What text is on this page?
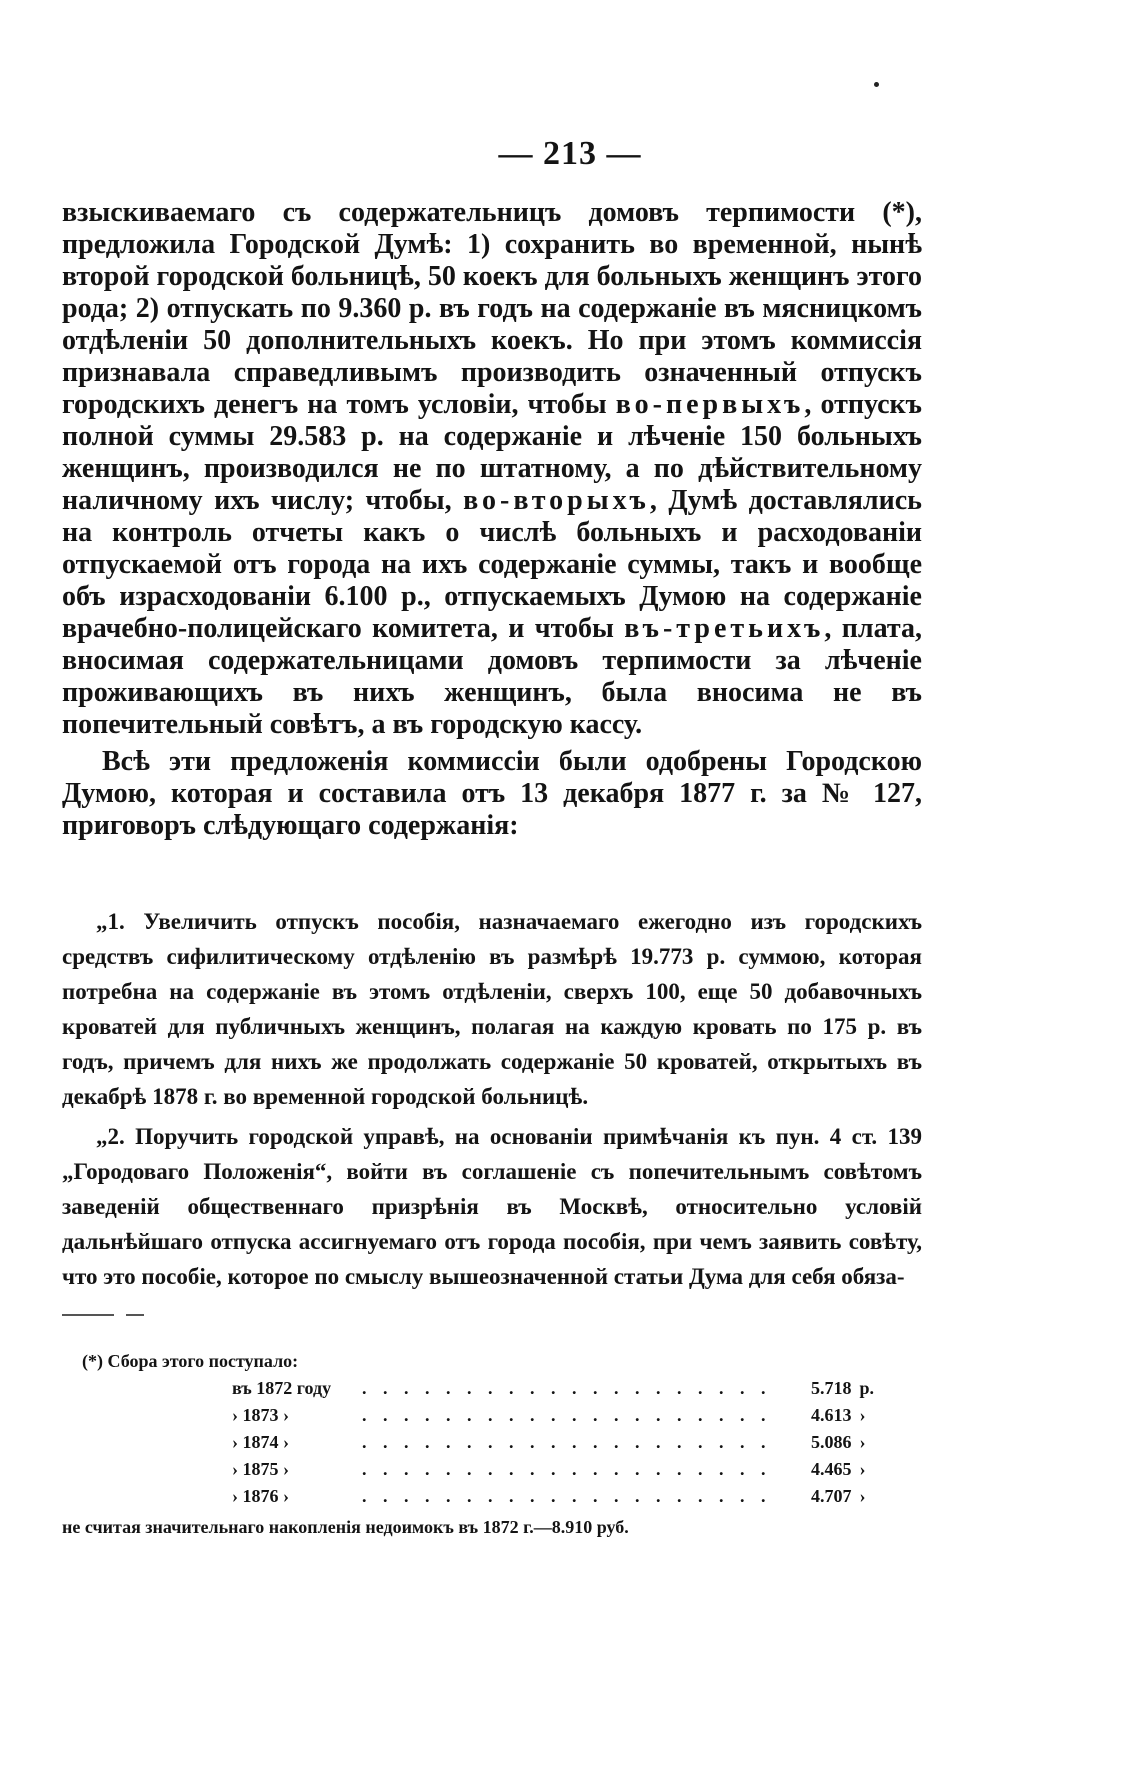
— 213 —

взыскиваемаго съ содержательницъ домовъ терпимости (*), предложила Городской Думѣ: 1) сохранить во временной, нынѣ второй городской больницѣ, 50 коекъ для больныхъ женщинъ этого рода; 2) отпускать по 9.360 р. въ годъ на содержаніе въ мясницкомъ отдѣленіи 50 дополнительныхъ коекъ. Но при этомъ коммиссія признавала справедливымъ производить означенный отпускъ городскихъ денегъ на томъ условіи, чтобы во-первыхъ, отпускъ полной суммы 29.583 р. на содержаніе и лѣченіе 150 больныхъ женщинъ, производился не по штатному, а по дѣйствительному наличному ихъ числу; чтобы, во-вторыхъ, Думѣ доставлялись на контроль отчеты какъ о числѣ больныхъ и расходованіи отпускаемой отъ города на ихъ содержаніе суммы, такъ и вообще объ израсходованіи 6.100 р., отпускаемыхъ Думою на содержаніе врачебно-полицейскаго комитета, и чтобы въ-третьихъ, плата, вносимая содержательницами домовъ терпимости за лѣченіе проживающихъ въ нихъ женщинъ, была вносима не въ попечительный совѣтъ, а въ городскую кассу.

Всѣ эти предложенія коммиссіи были одобрены Городскою Думою, которая и составила отъ 13 декабря 1877 г. за № 127, приговоръ слѣдующаго содержанія:

„1. Увеличить отпускъ пособія, назначаемаго ежегодно изъ городскихъ средствъ сифилитическому отдѣленію въ размѣрѣ 19.773 р. суммою, которая потребна на содержаніе въ этомъ отдѣленіи, сверхъ 100, еще 50 добавочныхъ кроватей для публичныхъ женщинъ, полагая на каждую кровать по 175 р. въ годъ, причемъ для нихъ же продолжать содержаніе 50 кроватей, открытыхъ въ декабрѣ 1878 г. во временной городской больницѣ.

„2. Поручить городской управѣ, на основаніи примѣчанія къ пун. 4 ст. 139 „Городоваго Положенія“, войти въ соглашеніе съ попечительнымъ совѣтомъ заведеній общественнаго призрѣнія въ Москвѣ, относительно условій дальнѣйшаго отпуска ассигнуемаго отъ города пособія, при чемъ заявить совѣту, что это пособіе, которое по смыслу вышеозначенной статьи Дума для себя обяза-

(*) Сбора этого поступало:
въ 1872 году	. . . . . . . . . . . . . . . . . . . .	5.718	р.
› 1873 ›	. . . . . . . . . . . . . . . . . . . .	4.613	›
› 1874 ›	. . . . . . . . . . . . . . . . . . . .	5.086	›
› 1875 ›	. . . . . . . . . . . . . . . . . . . .	4.465	›
› 1876 ›	. . . . . . . . . . . . . . . . . . . .	4.707	›
не считая значительнаго накопленія недоимокъ въ 1872 г.—8.910 руб.
